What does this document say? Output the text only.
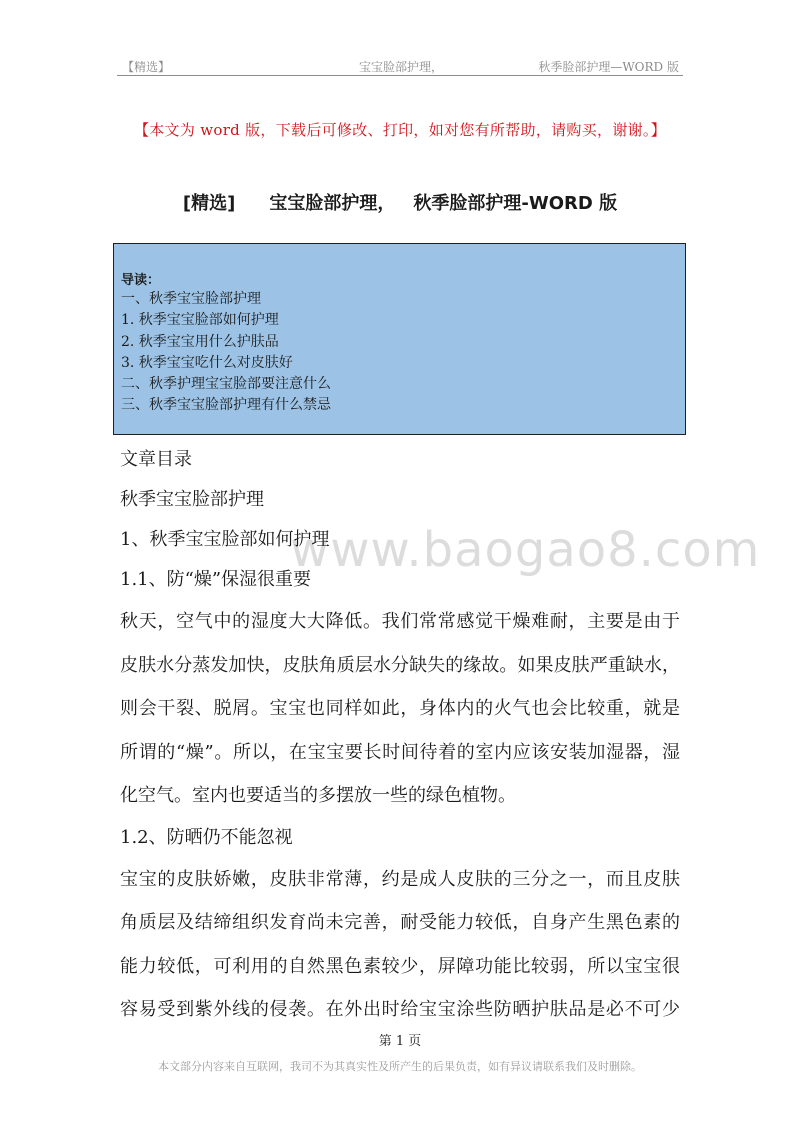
【精选】	宝宝脸部护理，	秋季脸部护理—WORD 版
【本文为 word 版，下载后可修改、打印，如对您有所帮助，请购买，谢谢。】
[精选] 宝宝脸部护理， 秋季脸部护理-WORD 版
导读：
一、秋季宝宝脸部护理
1. 秋季宝宝脸部如何护理
2. 秋季宝宝用什么护肤品
3. 秋季宝宝吃什么对皮肤好
二、秋季护理宝宝脸部要注意什么
三、秋季宝宝脸部护理有什么禁忌
www.baogao8.com

文章目录

秋季宝宝脸部护理

1、秋季宝宝脸部如何护理

1.1、防“燥”保湿很重要

秋天，空气中的湿度大大降低。我们常常感觉干燥难耐，主要是由于
皮肤水分蒸发加快，皮肤角质层水分缺失的缘故。如果皮肤严重缺水，
则会干裂、脱屑。宝宝也同样如此，身体内的火气也会比较重，就是
所谓的“燥”。所以，在宝宝要长时间待着的室内应该安装加湿器，湿
化空气。室内也要适当的多摆放一些的绿色植物。

1.2、防晒仍不能忽视

宝宝的皮肤娇嫩，皮肤非常薄，约是成人皮肤的三分之一，而且皮肤
角质层及结缔组织发育尚未完善，耐受能力较低，自身产生黑色素的
能力较低，可利用的自然黑色素较少，屏障功能比较弱，所以宝宝很
容易受到紫外线的侵袭。在外出时给宝宝涂些防晒护肤品是必不可少

第 1 页
本文部分内容来自互联网，我司不为其真实性及所产生的后果负责，如有异议请联系我们及时删除。
